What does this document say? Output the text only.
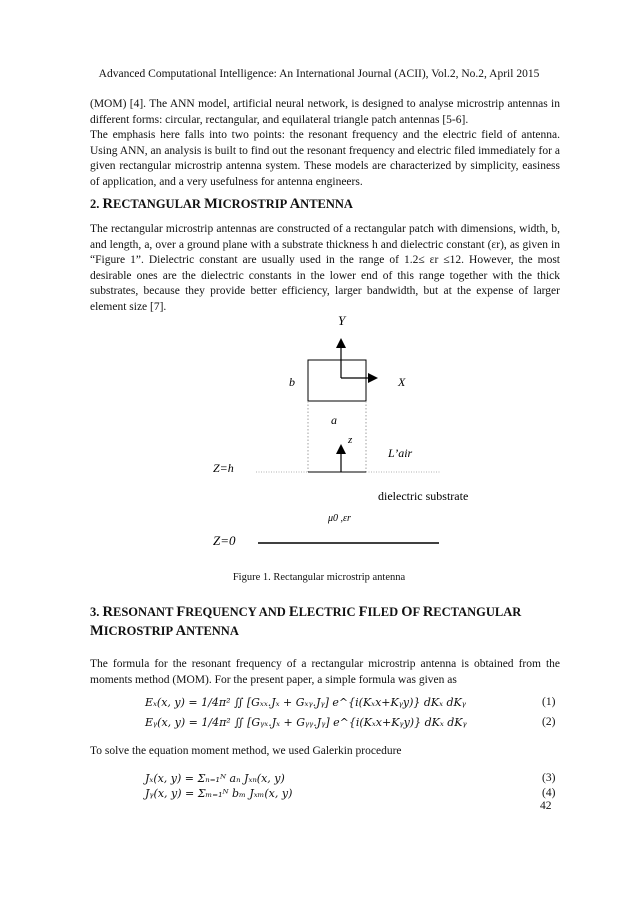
Advanced Computational Intelligence: An International Journal (ACII), Vol.2, No.2, April 2015

(MOM) [4]. The ANN model, artificial neural network, is designed to analyse microstrip antennas in different forms: circular, rectangular, and equilateral triangle patch antennas [5-6].

The emphasis here falls into two points: the resonant frequency and the electric field of antenna. Using ANN, an analysis is built to find out the resonant frequency and electric filed immediately for a given rectangular microstrip antenna system. These models are characterized by simplicity, easiness of application, and a very usefulness for antenna engineers.

2. RECTANGULAR MICROSTRIP ANTENNA

The rectangular microstrip antennas are constructed of a rectangular patch with dimensions, width, b, and length, a, over a ground plane with a substrate thickness h and dielectric constant (εr), as given in “Figure 1”. Dielectric constant are usually used in the range of 1.2≤ εr ≤12. However, the most desirable ones are the dielectric constants in the lower end of this range together with the thick substrates, because they provide better efficiency, larger bandwidth, but at the expense of larger element size [7].

Y
b	X
a
z
L’air
Z=h
dielectric substrate
μ0 ,εr
Z=0
Figure 1. Rectangular microstrip antenna
3. RESONANT FREQUENCY AND ELECTRIC FILED OF RECTANGULAR
MICROSTRIP ANTENNA

The formula for the resonant frequency of a rectangular microstrip antenna is obtained from the moments method (MOM). For the present paper, a simple formula was given as

Eₓ(x, y) = 1/4π² ∬ [Gₓₓ.Jₓ + Gₓᵧ.Jᵧ] e^{i(Kₓx+Kᵧy)} dKₓ dKᵧ	(1)
Eᵧ(x, y) = 1/4π² ∬ [Gᵧₓ.Jₓ + Gᵧᵧ.Jᵧ] e^{i(Kₓx+Kᵧy)} dKₓ dKᵧ	(2)
To solve the equation moment method, we used Galerkin procedure
Jₓ(x, y) = Σₙ₌₁ᴺ aₙ Jₓₙ(x, y)	(3)
Jᵧ(x, y) = Σₘ₌₁ᴺ bₘ Jₓₘ(x, y)	(4)
42
